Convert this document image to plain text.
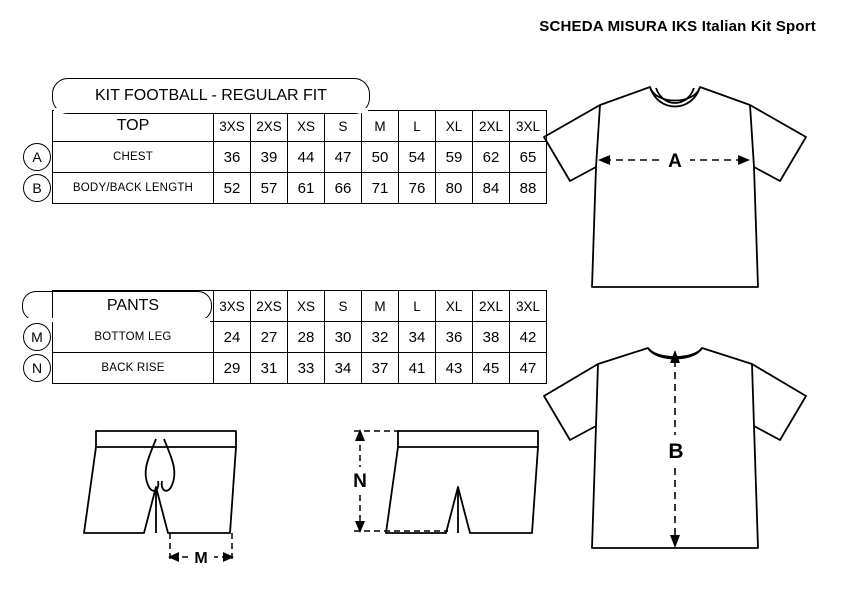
SCHEDA MISURA IKS Italian Kit Sport
	TOP	3XS	2XS	XS	S	M	L	XL	2XL	3XL

A	CHEST	36	39	44	47	50	54	59	62	65

B	BODY/BACK LENGTH	52	57	61	66	71	76	80	84	88
KIT FOOTBALL - REGULAR FIT
	PANTS	3XS	2XS	XS	S	M	L	XL	2XL	3XL

M	BOTTOM LEG	24	27	28	30	32	34	36	38	42

N	BACK RISE	29	31	33	34	37	41	43	45	47
A
B
M
N
